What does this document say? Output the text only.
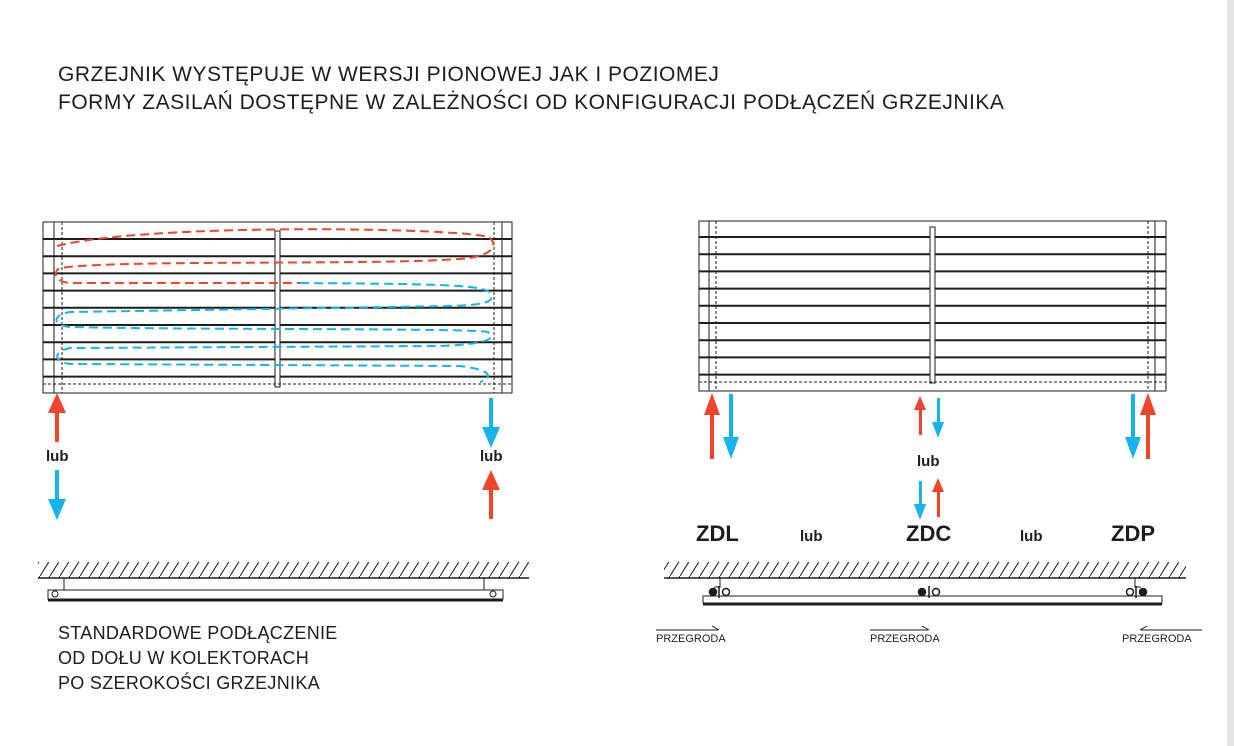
GRZEJNIK WYSTĘPUJE W WERSJI PIONOWEJ JAK I POZIOMEJ
FORMY ZASILAŃ DOSTĘPNE W ZALEŻNOŚCI OD KONFIGURACJI PODŁĄCZEŃ GRZEJNIKA
lub	lub	lub
ZDL	lub	ZDC	lub	ZDP
PRZEGRODA	PRZEGRODA	PRZEGRODA
STANDARDOWE PODŁĄCZENIE
OD DOŁU W KOLEKTORACH
PO SZEROKOŚCI GRZEJNIKA
